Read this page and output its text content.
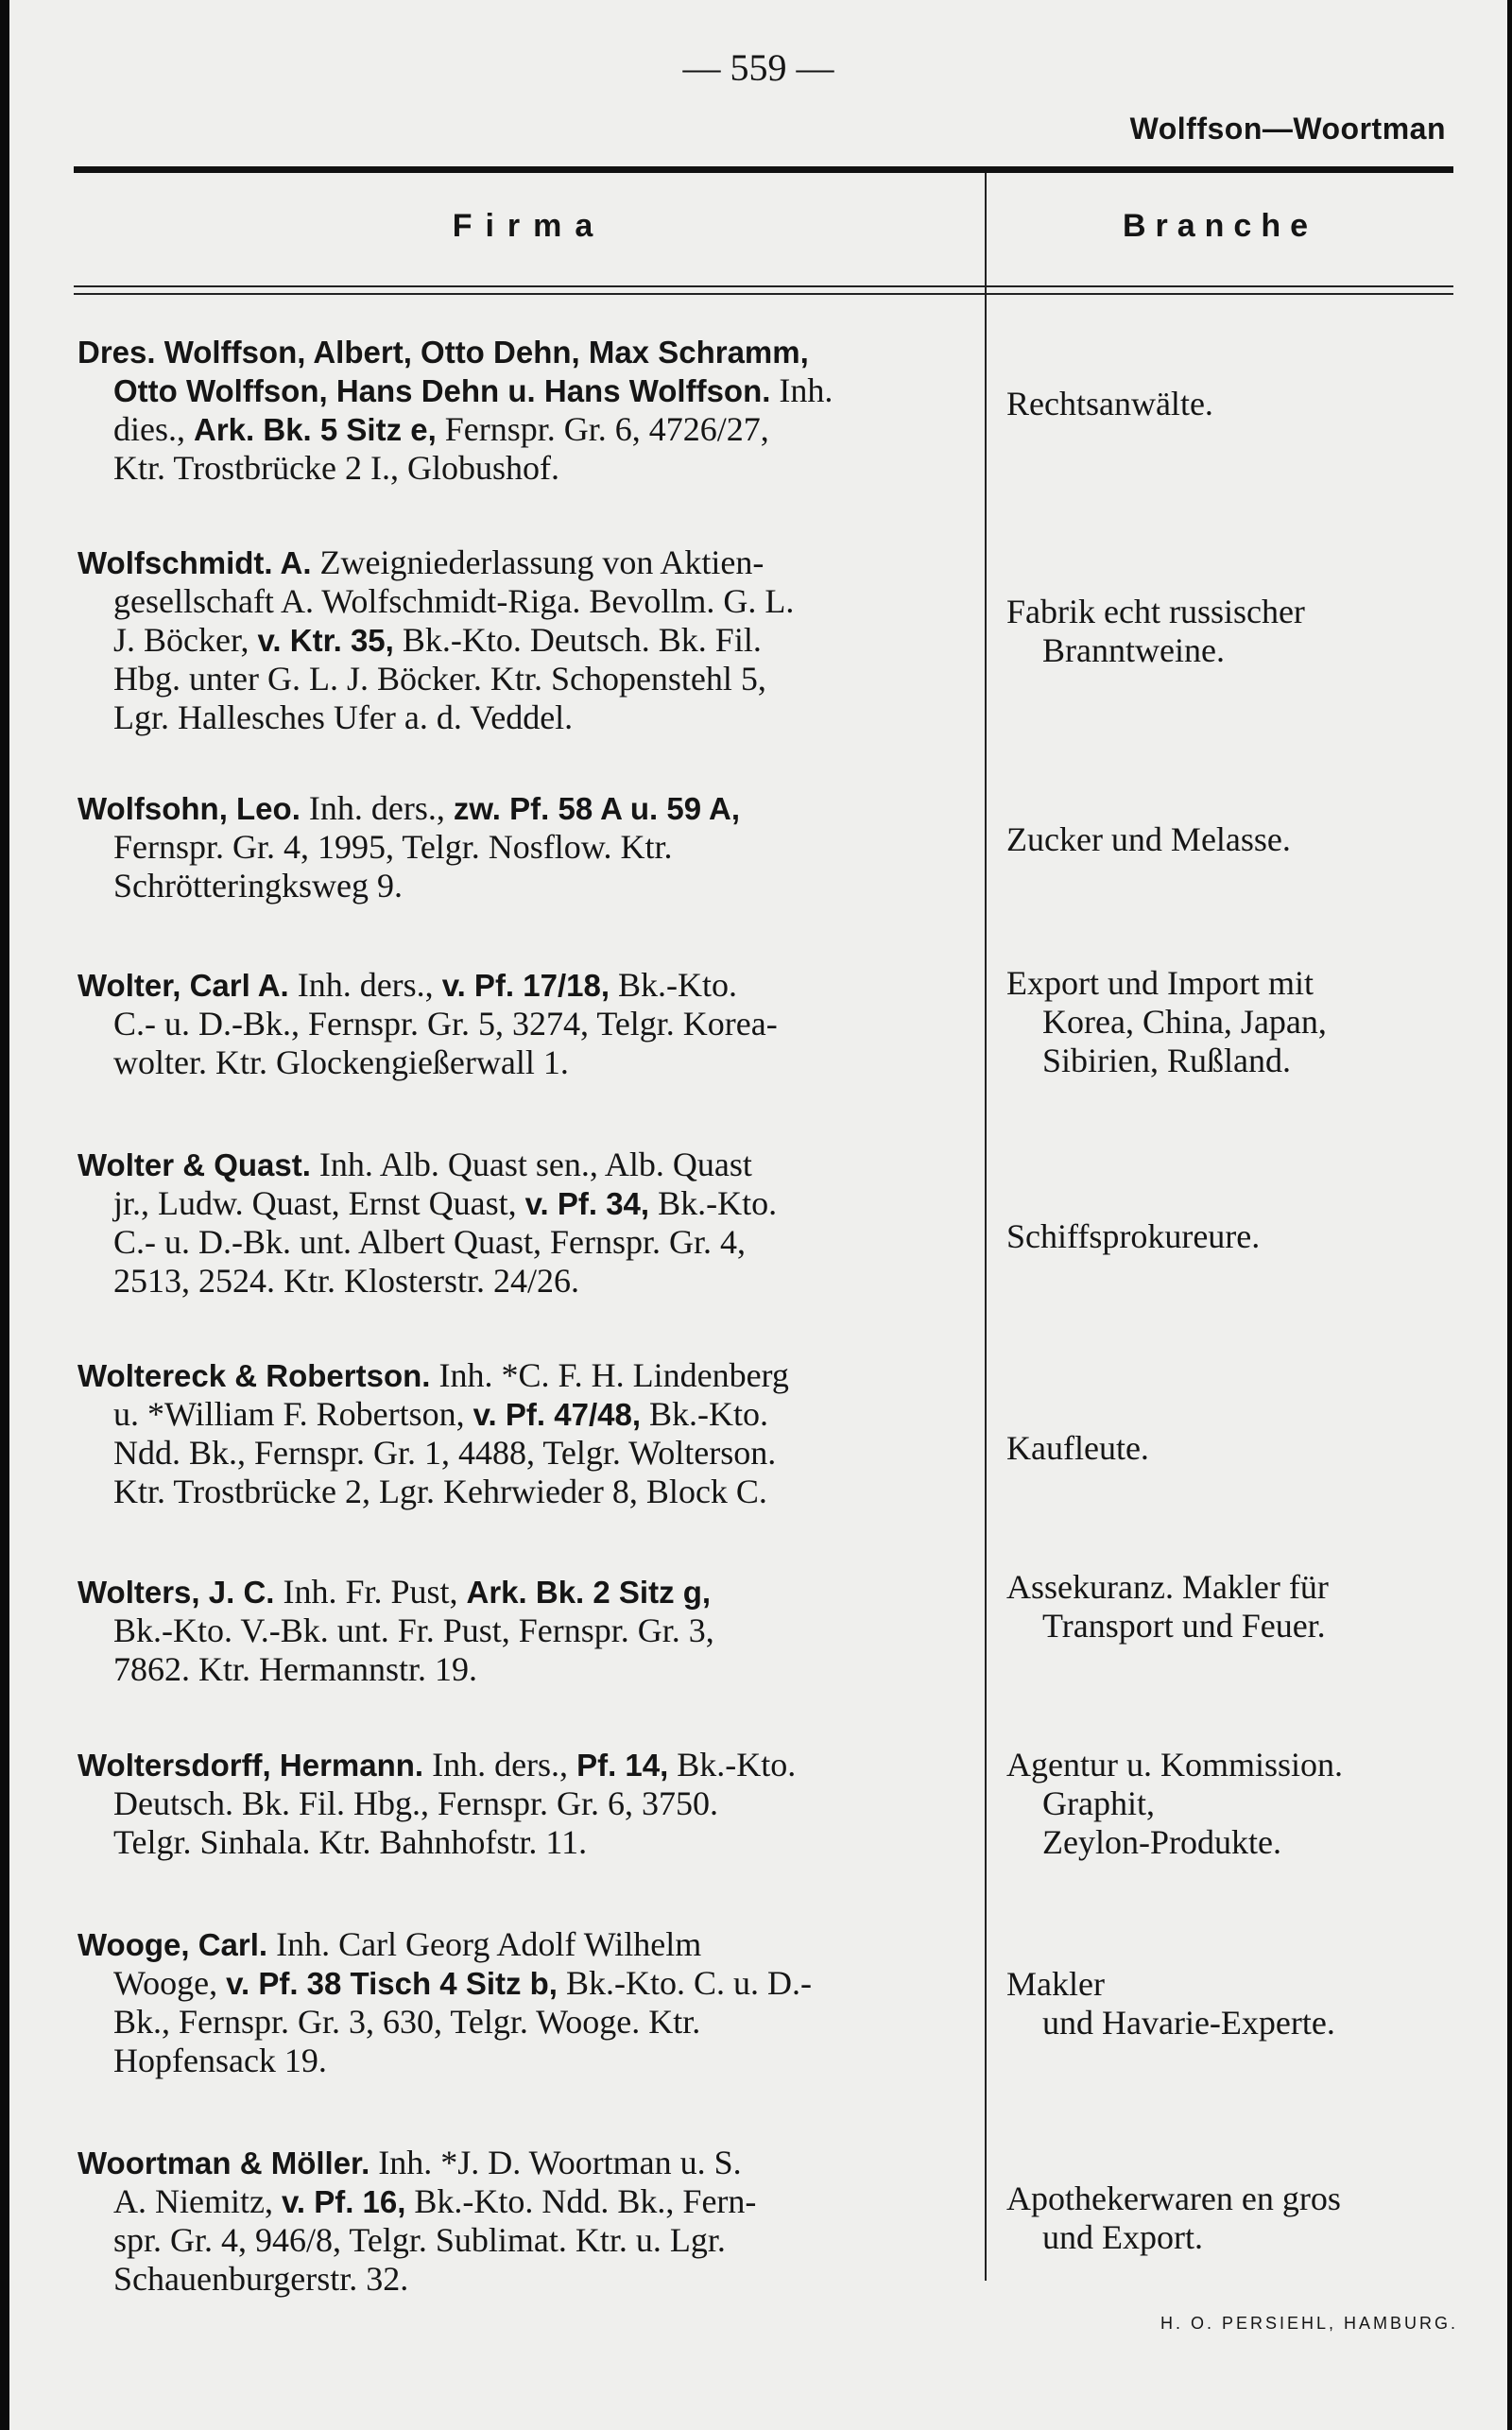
— 559 —
Wolffson—Woortman
Firma	Branche
Dres. Wolffson, Albert, Otto Dehn, Max Schramm,
Otto Wolffson, Hans Dehn u. Hans Wolffson. Inh.
dies., Ark. Bk. 5 Sitz e, Fernspr. Gr. 6, 4726/27,
Ktr. Trostbrücke 2 I., Globushof.
Rechtsanwälte.
Wolfschmidt. A. Zweigniederlassung von Aktien-
gesellschaft A. Wolfschmidt-Riga. Bevollm. G. L.
J. Böcker, v. Ktr. 35, Bk.-Kto. Deutsch. Bk. Fil.
Hbg. unter G. L. J. Böcker. Ktr. Schopenstehl 5,
Lgr. Hallesches Ufer a. d. Veddel.
Fabrik echt russischer
Branntweine.
Wolfsohn, Leo. Inh. ders., zw. Pf. 58 A u. 59 A,
Fernspr. Gr. 4, 1995, Telgr. Nosflow. Ktr.
Schrötteringksweg 9.
Zucker und Melasse.
Wolter, Carl A. Inh. ders., v. Pf. 17/18, Bk.-Kto.
C.- u. D.-Bk., Fernspr. Gr. 5, 3274, Telgr. Korea-
wolter. Ktr. Glockengießerwall 1.
Export und Import mit
Korea, China, Japan,
Sibirien, Rußland.
Wolter & Quast. Inh. Alb. Quast sen., Alb. Quast
jr., Ludw. Quast, Ernst Quast, v. Pf. 34, Bk.-Kto.
C.- u. D.-Bk. unt. Albert Quast, Fernspr. Gr. 4,
2513, 2524. Ktr. Klosterstr. 24/26.
Schiffsprokureure.
Woltereck & Robertson. Inh. *C. F. H. Lindenberg
u. *William F. Robertson, v. Pf. 47/48, Bk.-Kto.
Ndd. Bk., Fernspr. Gr. 1, 4488, Telgr. Wolterson.
Ktr. Trostbrücke 2, Lgr. Kehrwieder 8, Block C.
Kaufleute.
Wolters, J. C. Inh. Fr. Pust, Ark. Bk. 2 Sitz g,
Bk.-Kto. V.-Bk. unt. Fr. Pust, Fernspr. Gr. 3,
7862. Ktr. Hermannstr. 19.
Assekuranz. Makler für
Transport und Feuer.
Woltersdorff, Hermann. Inh. ders., Pf. 14, Bk.-Kto.
Deutsch. Bk. Fil. Hbg., Fernspr. Gr. 6, 3750.
Telgr. Sinhala. Ktr. Bahnhofstr. 11.
Agentur u. Kommission.
Graphit,
Zeylon-Produkte.
Wooge, Carl. Inh. Carl Georg Adolf Wilhelm
Wooge, v. Pf. 38 Tisch 4 Sitz b, Bk.-Kto. C. u. D.-
Bk., Fernspr. Gr. 3, 630, Telgr. Wooge. Ktr.
Hopfensack 19.
Makler
und Havarie-Experte.
Woortman & Möller. Inh. *J. D. Woortman u. S.
A. Niemitz, v. Pf. 16, Bk.-Kto. Ndd. Bk., Fern-
spr. Gr. 4, 946/8, Telgr. Sublimat. Ktr. u. Lgr.
Schauenburgerstr. 32.
Apothekerwaren en gros
und Export.
H. O. PERSIEHL, HAMBURG.
